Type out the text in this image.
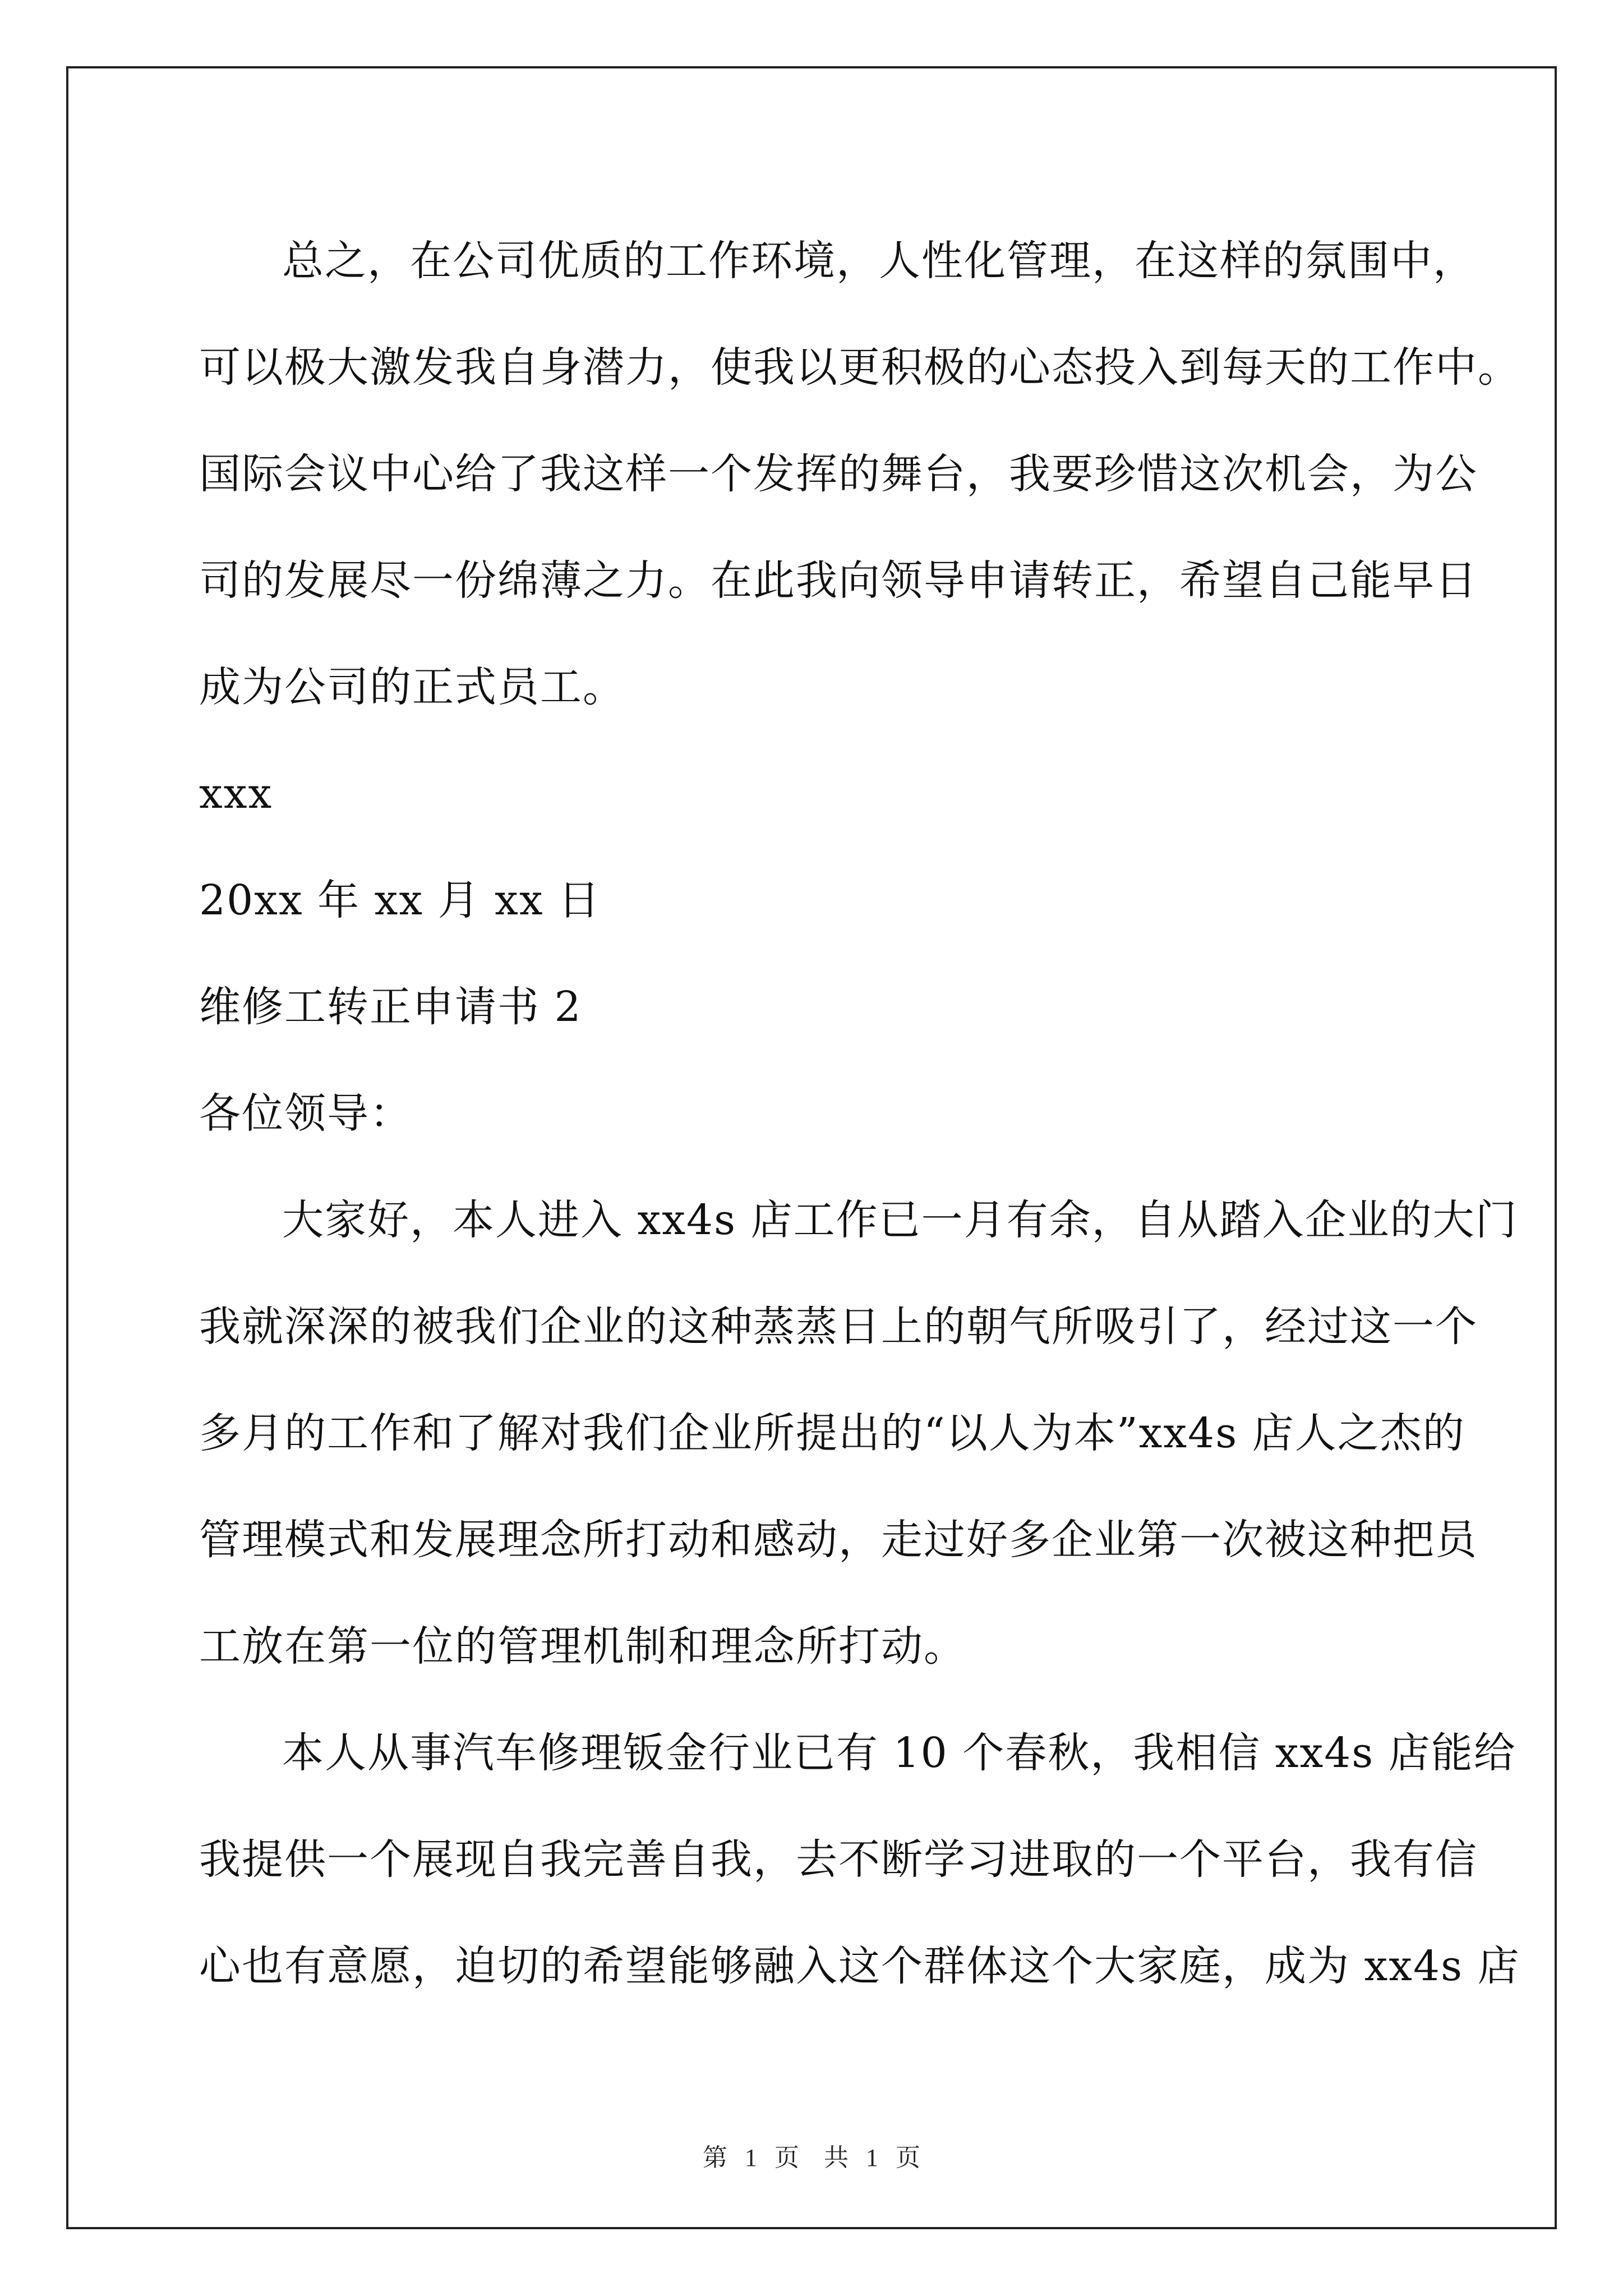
总之，在公司优质的工作环境，人性化管理，在这样的氛围中，
可以极大激发我自身潜力，使我以更积极的心态投入到每天的工作中。
国际会议中心给了我这样一个发挥的舞台，我要珍惜这次机会，为公
司的发展尽一份绵薄之力。在此我向领导申请转正，希望自己能早日
成为公司的正式员工。
xxx
20xx 年 xx 月 xx 日
维修工转正申请书 2
各位领导：
大家好，本人进入 xx4s 店工作已一月有余，自从踏入企业的大门
我就深深的被我们企业的这种蒸蒸日上的朝气所吸引了，经过这一个
多月的工作和了解对我们企业所提出的“以人为本”xx4s 店人之杰的
管理模式和发展理念所打动和感动，走过好多企业第一次被这种把员
工放在第一位的管理机制和理念所打动。
本人从事汽车修理钣金行业已有 10 个春秋，我相信 xx4s 店能给
我提供一个展现自我完善自我，去不断学习进取的一个平台，我有信
心也有意愿，迫切的希望能够融入这个群体这个大家庭，成为 xx4s 店
第 1 页　共 1 页
